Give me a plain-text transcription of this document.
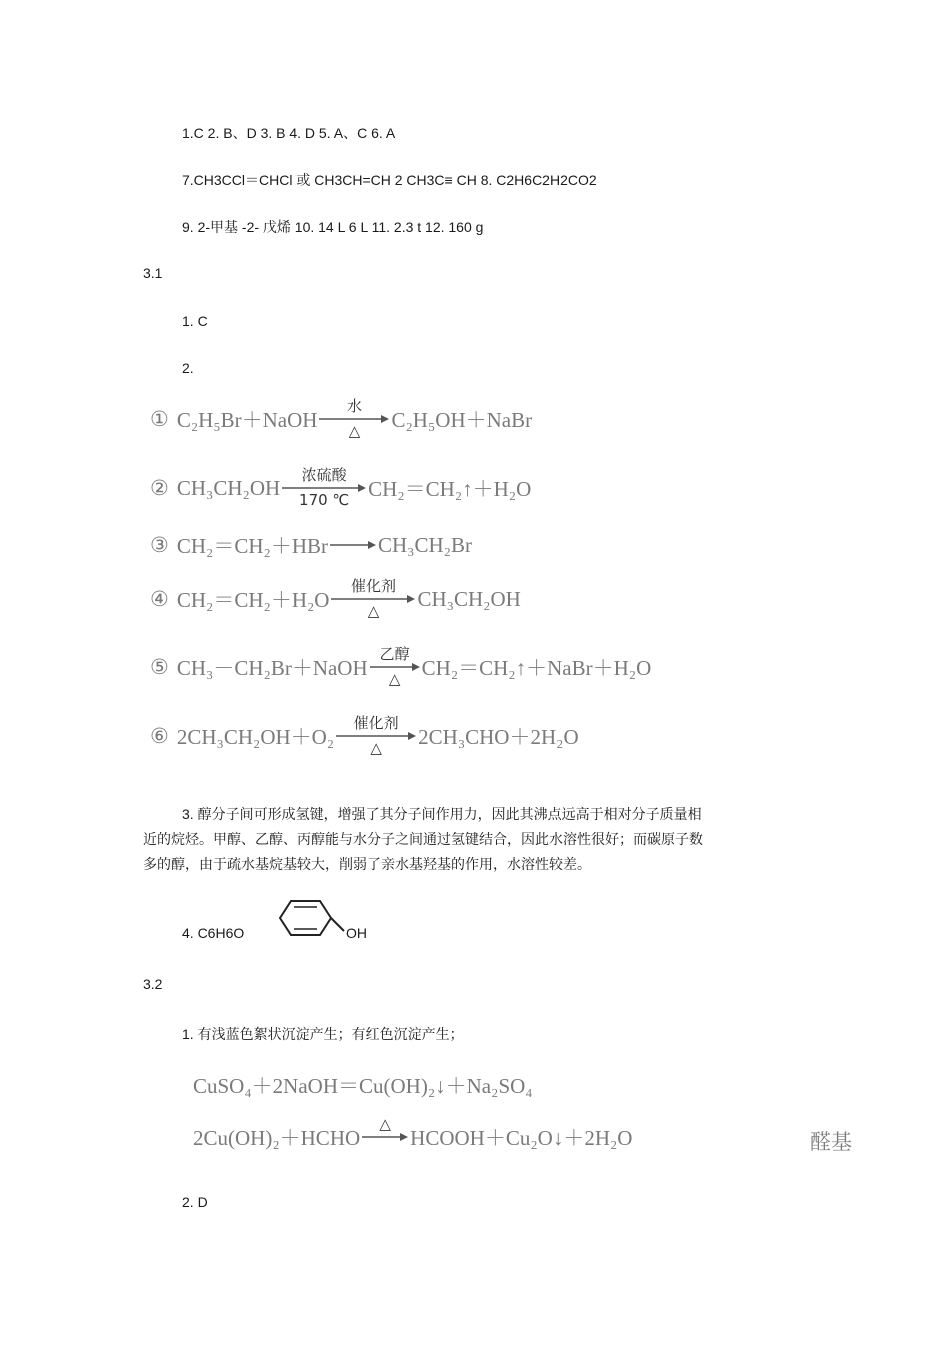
1.C 2. B、D 3. B 4. D 5. A、C 6. A
7.CH3CCl＝CHCl 或 CH3CH=CH 2 CH3C≡ CH 8. C2H6C2H2CO2
9. 2-甲基 -2- 戊烯 10. 14 L 6 L 11. 2.3 t 12. 160 g
3.1
1. C
2.
① C₂H₅Br＋NaOH
水
△ C₂H₅OH＋NaBr
② CH₃CH₂OH
浓硫酸
170 ℃ CH₂＝CH₂↑＋H₂O
③ CH₂＝CH₂＋HBr → CH₃CH₂Br
④ CH₂＝CH₂＋H₂O
催化剂
△
CH₃CH₂OH
⑤ CH₃－CH₂Br＋NaOH
乙醇
△ CH₂＝CH₂↑＋NaBr＋H₂O
⑥ 2CH₃CH₂OH＋O₂
催化剂
△ 2CH₃CHO＋2H₂O
3. 醇分子间可形成氢键，增强了其分子间作用力，因此其沸点远高于相对分子质量相
近的烷烃。甲醇、乙醇、丙醇能与水分子之间通过氢键结合，因此水溶性很好；而碳原子数
多的醇，由于疏水基烷基较大，削弱了亲水基羟基的作用，水溶性较差。
4. C6H6O	OH
3.2
1. 有浅蓝色絮状沉淀产生；有红色沉淀产生；
CuSO₄＋2NaOH＝Cu(OH)₂↓＋Na₂SO₄
2Cu(OH)₂＋HCHO
△
HCOOH＋Cu₂O↓＋2H₂O	醛基
2. D
